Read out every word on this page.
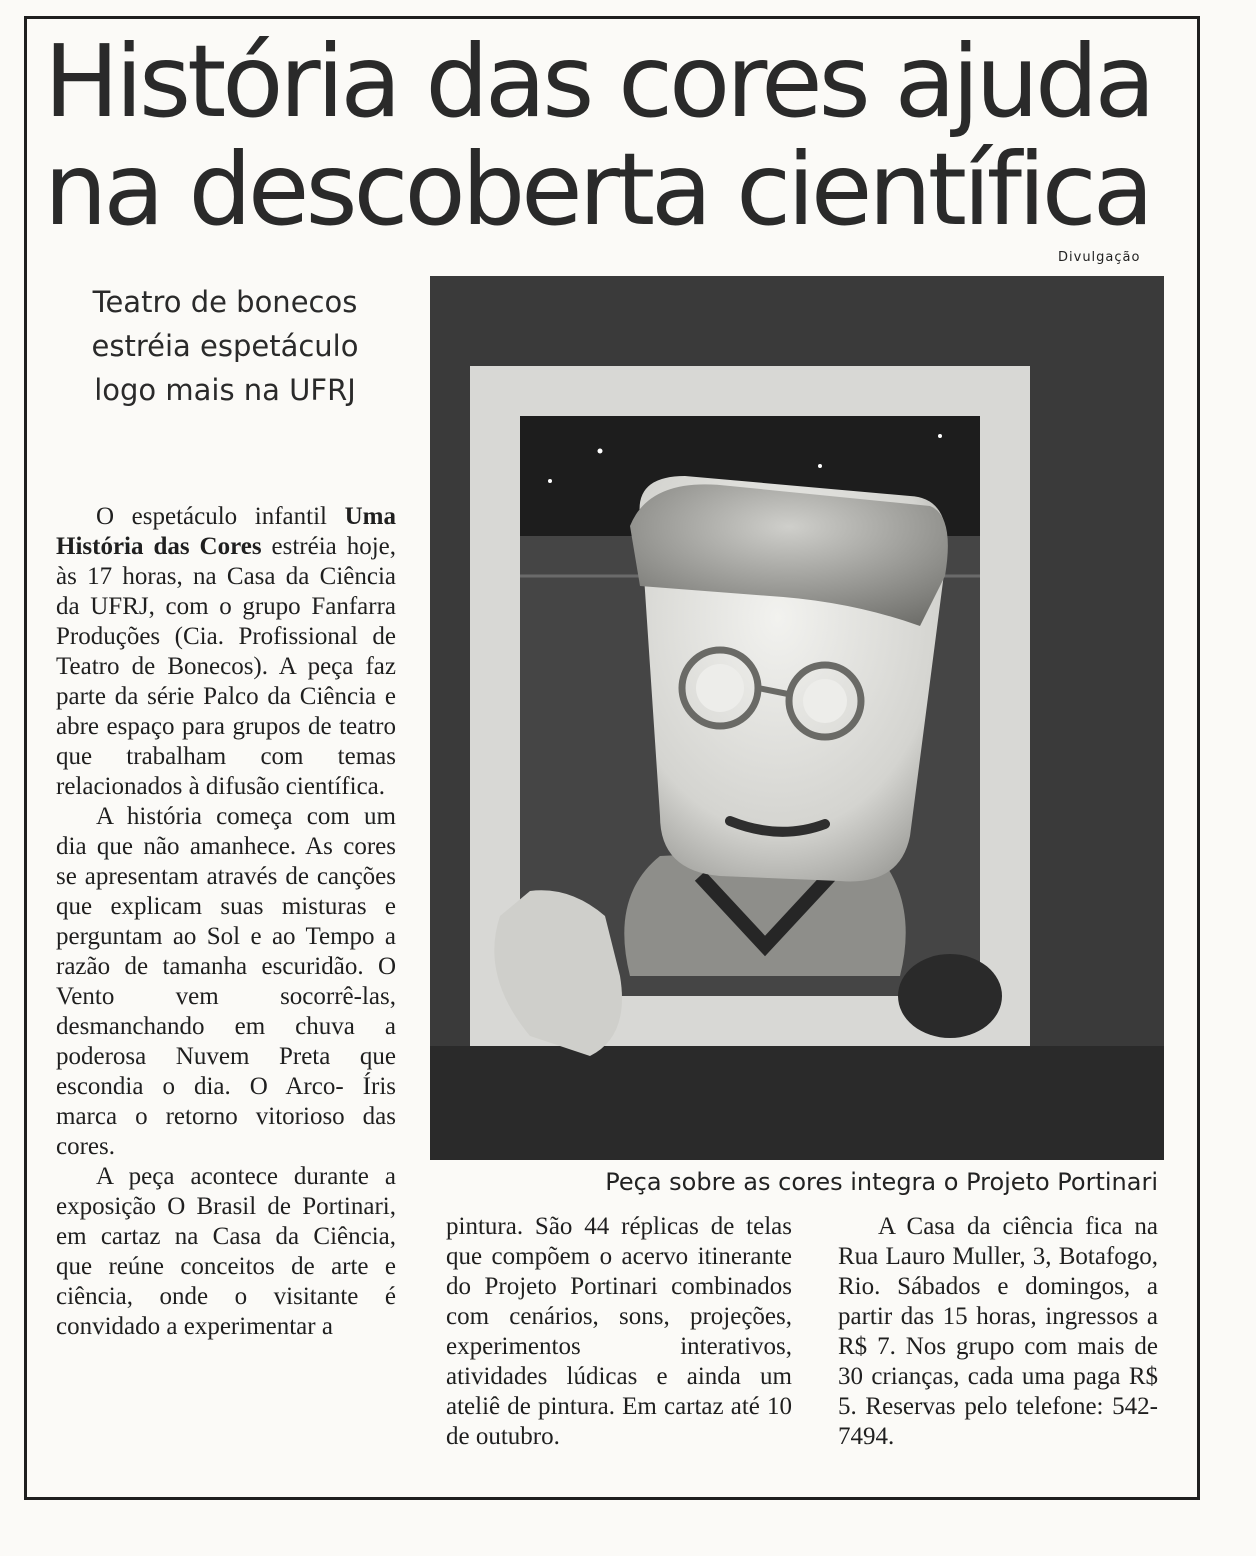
História das cores ajuda
na descoberta científica
Divulgação
Teatro de bonecos estréia espetáculo logo mais na UFRJ

O espetáculo infantil Uma História das Cores estréia hoje, às 17 horas, na Casa da Ciência da UFRJ, com o grupo Fanfarra Produções (Cia. Profissional de Teatro de Bonecos). A peça faz parte da série Palco da Ciência e abre espaço para grupos de teatro que trabalham com temas relacionados à difusão científica.

A história começa com um dia que não amanhece. As cores se apresentam através de canções que explicam suas misturas e perguntam ao Sol e ao Tempo a razão de tamanha escuridão. O Vento vem socorrê-las, desmanchando em chuva a poderosa Nuvem Preta que escondia o dia. O Arco- Íris marca o retorno vitorioso das cores.

A peça acontece durante a exposição O Brasil de Portinari, em cartaz na Casa da Ciência, que reúne conceitos de arte e ciência, onde o visitante é convidado a experimentar a

Peça sobre as cores integra o Projeto Portinari

pintura. São 44 réplicas de telas que compõem o acervo itinerante do Projeto Portinari combinados com cenários, sons, projeções, experimentos interativos, atividades lúdicas e ainda um ateliê de pintura. Em cartaz até 10 de outubro.

A Casa da ciência fica na Rua Lauro Muller, 3, Botafogo, Rio. Sábados e domingos, a partir das 15 horas, ingressos a R$ 7. Nos grupo com mais de 30 crianças, cada uma paga R$ 5. Reservas pelo telefone: 542-7494.
